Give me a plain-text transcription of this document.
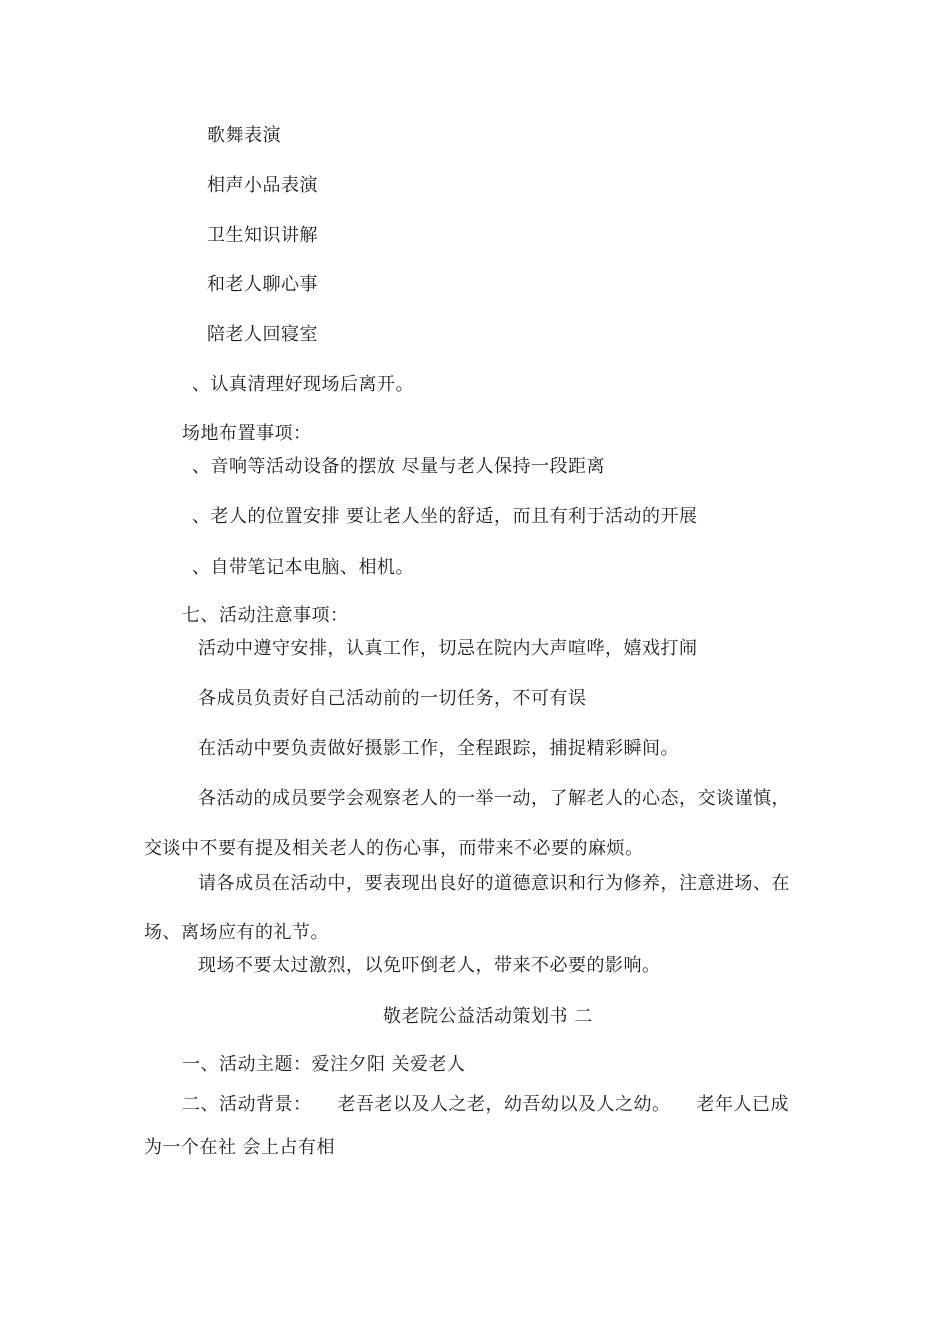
歌舞表演
相声小品表演
卫生知识讲解
和老人聊心事
陪老人回寝室
、认真清理好现场后离开。
场地布置事项：
、音响等活动设备的摆放 尽量与老人保持一段距离
、老人的位置安排 要让老人坐的舒适，而且有利于活动的开展
、自带笔记本电脑、相机。
七、活动注意事项：
活动中遵守安排，认真工作，切忌在院内大声喧哗，嬉戏打闹
各成员负责好自己活动前的一切任务，不可有误
在活动中要负责做好摄影工作，全程跟踪，捕捉精彩瞬间。
各活动的成员要学会观察老人的一举一动，了解老人的心态，交谈谨慎，
交谈中不要有提及相关老人的伤心事，而带来不必要的麻烦。
请各成员在活动中，要表现出良好的道德意识和行为修养，注意进场、在
场、离场应有的礼节。
现场不要太过激烈，以免吓倒老人，带来不必要的影响。
敬老院公益活动策划书 二
一、活动主题：爱注夕阳 关爱老人
二、活动背景： 老吾老以及人之老，幼吾幼以及人之幼。 老年人已成
为一个在社 会上占有相
